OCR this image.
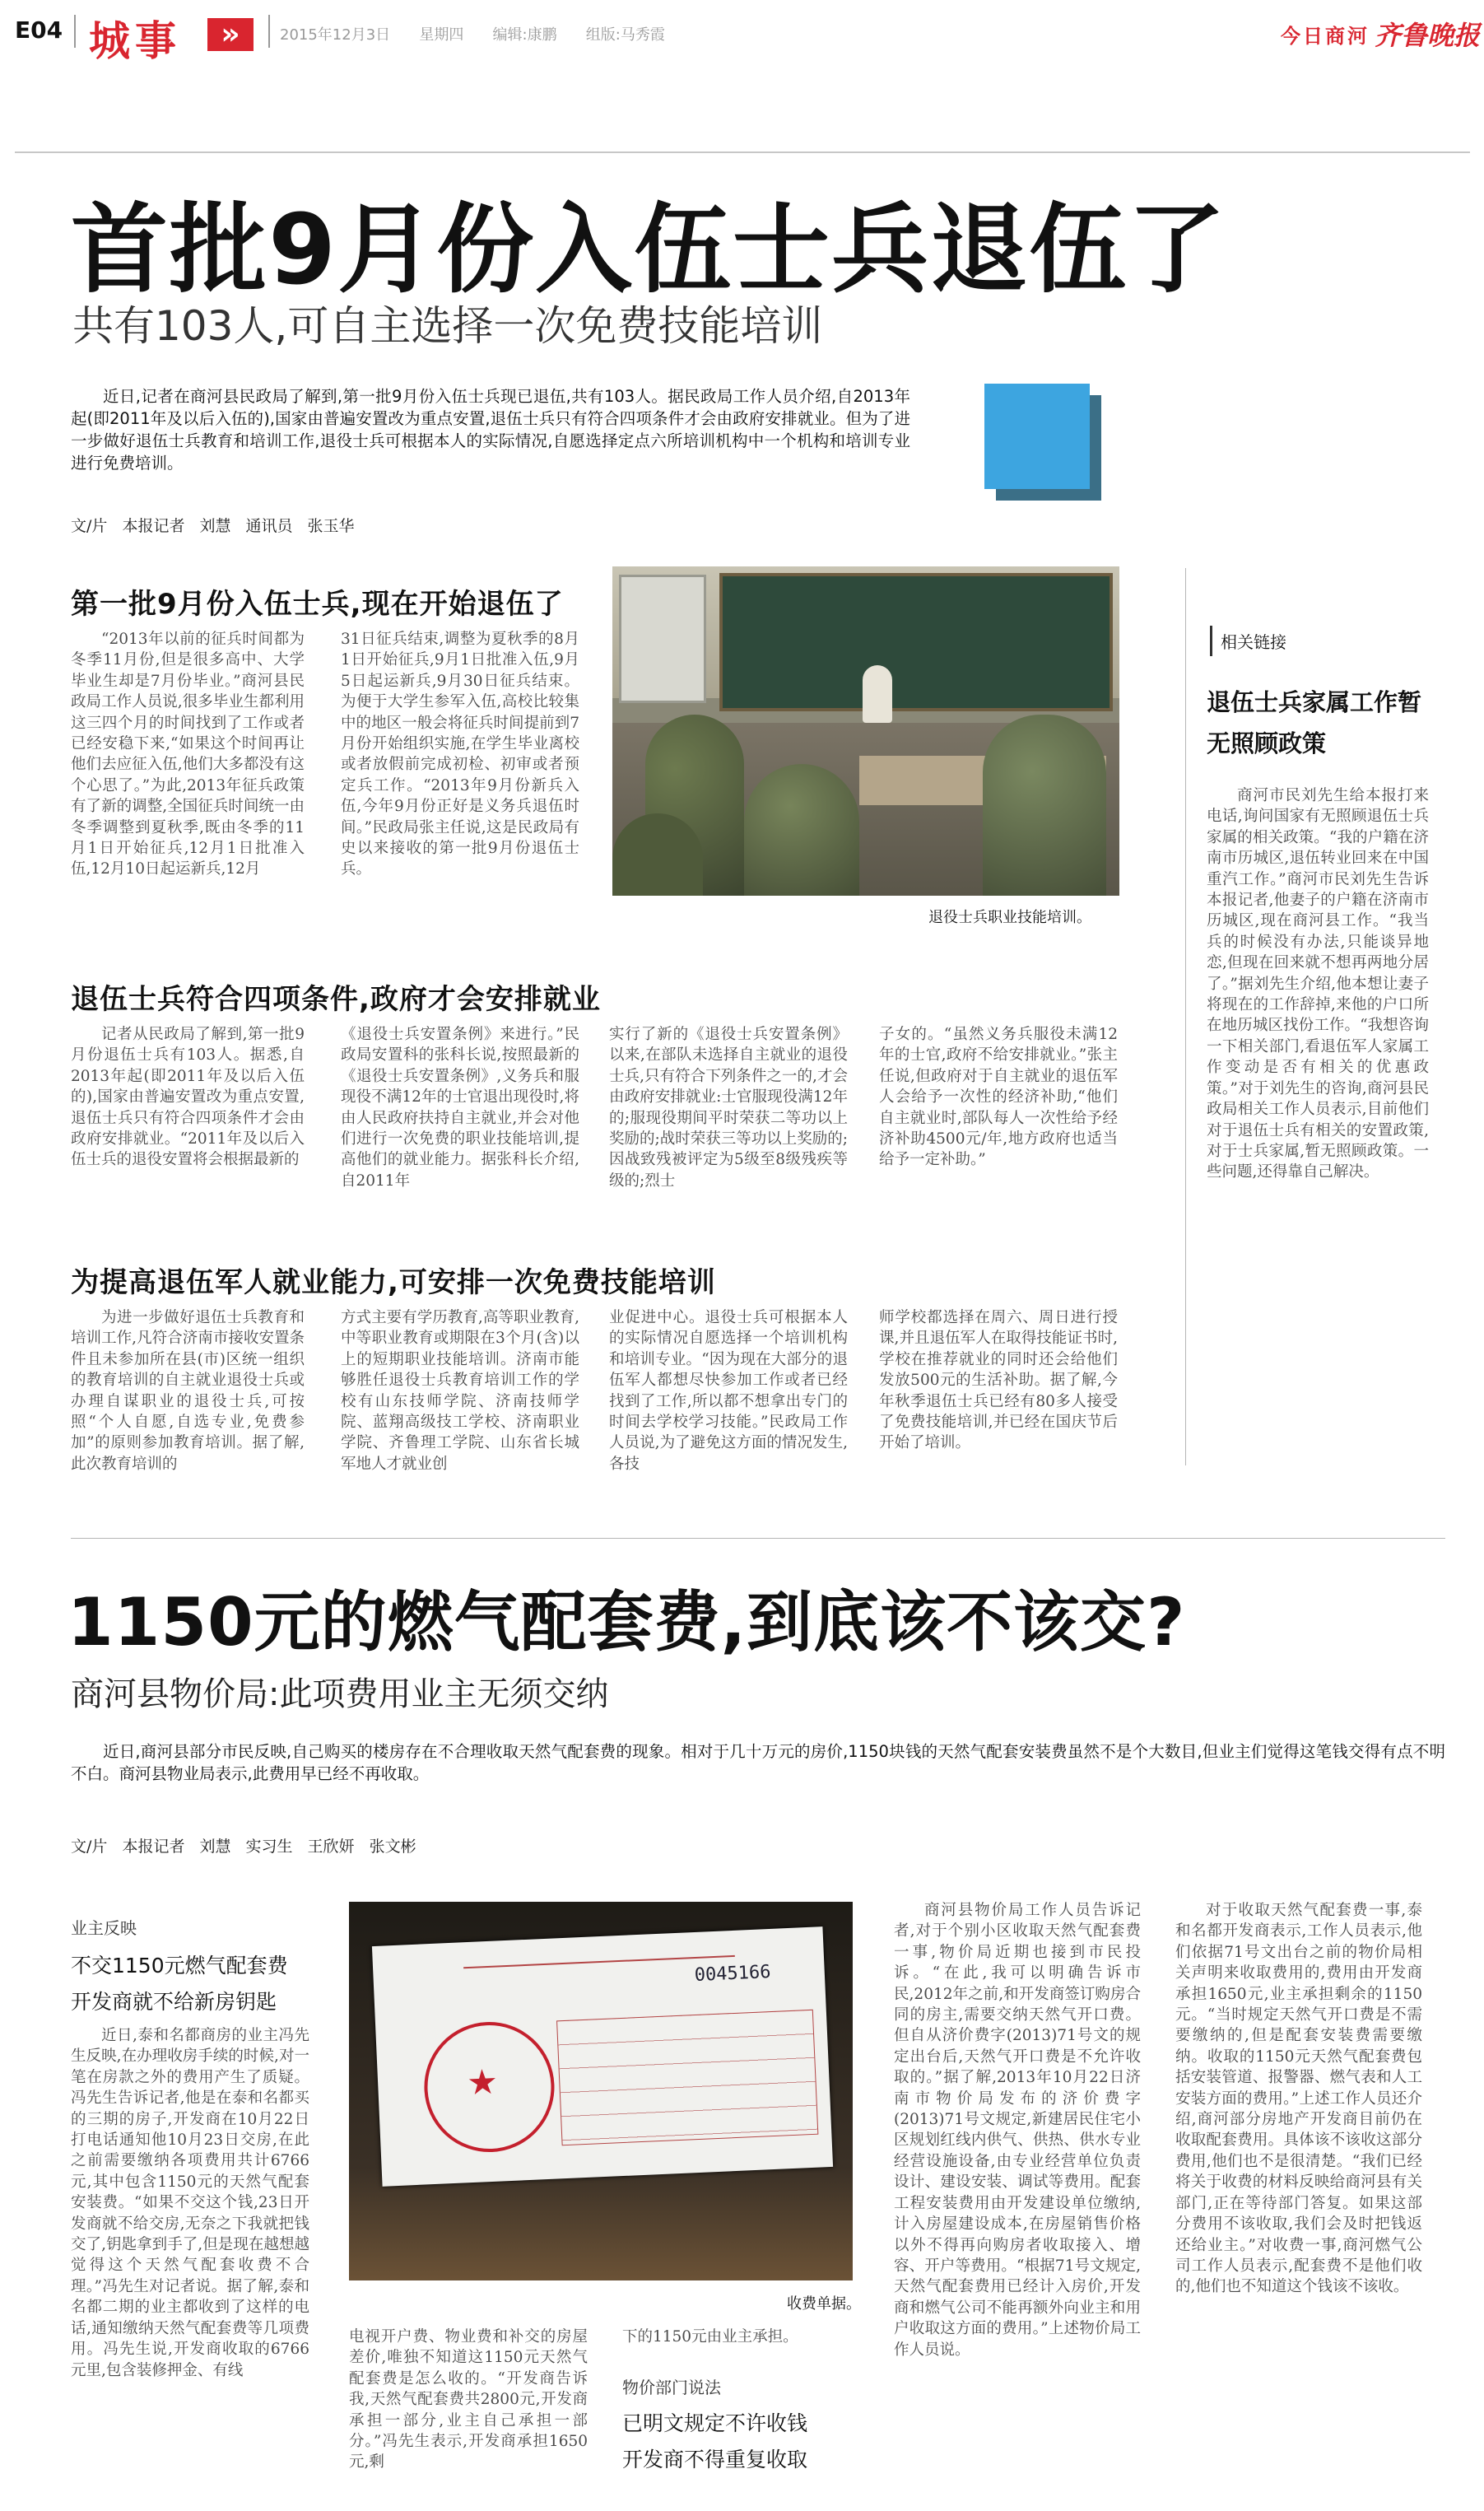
E04 城事	»	2015年12月3日 星期四 编辑:康鹏 组版:马秀霞	今日商河 齐鲁晚报
首批9月份入伍士兵退伍了
共有103人,可自主选择一次免费技能培训

近日,记者在商河县民政局了解到,第一批9月份入伍士兵现已退伍,共有103人。据民政局工作人员介绍,自2013年起(即2011年及以后入伍的),国家由普遍安置改为重点安置,退伍士兵只有符合四项条件才会由政府安排就业。但为了进一步做好退伍士兵教育和培训工作,退役士兵可根据本人的实际情况,自愿选择定点六所培训机构中一个机构和培训专业进行免费培训。

文/片 本报记者 刘慧 通讯员 张玉华
第一批9月份入伍士兵,现在开始退伍了

“2013年以前的征兵时间都为冬季11月份,但是很多高中、大学毕业生却是7月份毕业。”商河县民政局工作人员说,很多毕业生都利用这三四个月的时间找到了工作或者已经安稳下来,“如果这个时间再让他们去应征入伍,他们大多都没有这个心思了。”为此,2013年征兵政策有了新的调整,全国征兵时间统一由冬季调整到夏秋季,既由冬季的11月1日开始征兵,12月1日批准入伍,12月10日起运新兵,12月

31日征兵结束,调整为夏秋季的8月1日开始征兵,9月1日批准入伍,9月5日起运新兵,9月30日征兵结束。为便于大学生参军入伍,高校比较集中的地区一般会将征兵时间提前到7月份开始组织实施,在学生毕业离校或者放假前完成初检、初审或者预定兵工作。“2013年9月份新兵入伍,今年9月份正好是义务兵退伍时间。”民政局张主任说,这是民政局有史以来接收的第一批9月份退伍士兵。

退役士兵职业技能培训。
退伍士兵符合四项条件,政府才会安排就业

记者从民政局了解到,第一批9月份退伍士兵有103人。据悉,自2013年起(即2011年及以后入伍的),国家由普遍安置改为重点安置,退伍士兵只有符合四项条件才会由政府安排就业。“2011年及以后入伍士兵的退役安置将会根据最新的

《退役士兵安置条例》来进行。”民政局安置科的张科长说,按照最新的《退役士兵安置条例》,义务兵和服现役不满12年的士官退出现役时,将由人民政府扶持自主就业,并会对他们进行一次免费的职业技能培训,提高他们的就业能力。据张科长介绍,自2011年

实行了新的《退役士兵安置条例》以来,在部队未选择自主就业的退役士兵,只有符合下列条件之一的,才会由政府安排就业:士官服现役满12年的;服现役期间平时荣获二等功以上奖励的;战时荣获三等功以上奖励的;因战致残被评定为5级至8级残疾等级的;烈士

子女的。“虽然义务兵服役未满12年的士官,政府不给安排就业。”张主任说,但政府对于自主就业的退伍军人会给予一次性的经济补助,“他们自主就业时,部队每人一次性给予经济补助4500元/年,地方政府也适当给予一定补助。”

为提高退伍军人就业能力,可安排一次免费技能培训

为进一步做好退伍士兵教育和培训工作,凡符合济南市接收安置条件且未参加所在县(市)区统一组织的教育培训的自主就业退役士兵或办理自谋职业的退役士兵,可按照“个人自愿,自选专业,免费参加”的原则参加教育培训。据了解,此次教育培训的

方式主要有学历教育,高等职业教育,中等职业教育或期限在3个月(含)以上的短期职业技能培训。济南市能够胜任退役士兵教育培训工作的学校有山东技师学院、济南技师学院、蓝翔高级技工学校、济南职业学院、齐鲁理工学院、山东省长城军地人才就业创

业促进中心。退役士兵可根据本人的实际情况自愿选择一个培训机构和培训专业。“因为现在大部分的退伍军人都想尽快参加工作或者已经找到了工作,所以都不想拿出专门的时间去学校学习技能。”民政局工作人员说,为了避免这方面的情况发生,各技

师学校都选择在周六、周日进行授课,并且退伍军人在取得技能证书时,学校在推荐就业的同时还会给他们发放500元的生活补助。据了解,今年秋季退伍士兵已经有80多人接受了免费技能培训,并已经在国庆节后开始了培训。

相关链接
退伍士兵家属工作暂无照顾政策

商河市民刘先生给本报打来电话,询问国家有无照顾退伍士兵家属的相关政策。“我的户籍在济南市历城区,退伍转业回来在中国重汽工作。”商河市民刘先生告诉本报记者,他妻子的户籍在济南市历城区,现在商河县工作。“我当兵的时候没有办法,只能谈异地恋,但现在回来就不想再两地分居了。”据刘先生介绍,他本想让妻子将现在的工作辞掉,来他的户口所在地历城区找份工作。“我想咨询一下相关部门,看退伍军人家属工作变动是否有相关的优惠政策。”对于刘先生的咨询,商河县民政局相关工作人员表示,目前他们对于退伍士兵有相关的安置政策,对于士兵家属,暂无照顾政策。一些问题,还得靠自己解决。

1150元的燃气配套费,到底该不该交?
商河县物价局:此项费用业主无须交纳

近日,商河县部分市民反映,自己购买的楼房存在不合理收取天然气配套费的现象。相对于几十万元的房价,1150块钱的天然气配套安装费虽然不是个大数目,但业主们觉得这笔钱交得有点不明不白。商河县物业局表示,此费用早已经不再收取。

文/片 本报记者 刘慧 实习生 王欣妍 张文彬
业主反映
不交1150元燃气配套费
开发商就不给新房钥匙

近日,泰和名都商房的业主冯先生反映,在办理收房手续的时候,对一笔在房款之外的费用产生了质疑。冯先生告诉记者,他是在泰和名都买的三期的房子,开发商在10月22日打电话通知他10月23日交房,在此之前需要缴纳各项费用共计6766元,其中包含1150元的天然气配套安装费。“如果不交这个钱,23日开发商就不给交房,无奈之下我就把钱交了,钥匙拿到手了,但是现在越想越觉得这个天然气配套收费不合理。”冯先生对记者说。据了解,泰和名都二期的业主都收到了这样的电话,通知缴纳天然气配套费等几项费用。冯先生说,开发商收取的6766元里,包含装修押金、有线

0045166
★
收费单据。

电视开户费、物业费和补交的房屋差价,唯独不知道这1150元天然气配套费是怎么收的。“开发商告诉我,天然气配套费共2800元,开发商承担一部分,业主自己承担一部分。”冯先生表示,开发商承担1650元,剩

下的1150元由业主承担。

物价部门说法
已明文规定不许收钱
开发商不得重复收取

商河县物价局工作人员告诉记者,对于个别小区收取天然气配套费一事,物价局近期也接到市民投诉。“在此,我可以明确告诉市民,2012年之前,和开发商签订购房合同的房主,需要交纳天然气开口费。但自从济价费字(2013)71号文的规定出台后,天然气开口费是不允许收取的。”据了解,2013年10月22日济南市物价局发布的济价费字(2013)71号文规定,新建居民住宅小区规划红线内供气、供热、供水专业经营设施设备,由专业经营单位负责设计、建设安装、调试等费用。配套工程安装费用由开发建设单位缴纳,计入房屋建设成本,在房屋销售价格以外不得再向购房者收取接入、增容、开户等费用。“根据71号文规定,天然气配套费用已经计入房价,开发商和燃气公司不能再额外向业主和用户收取这方面的费用。”上述物价局工作人员说。

对于收取天然气配套费一事,泰和名都开发商表示,工作人员表示,他们依据71号文出台之前的物价局相关声明来收取费用的,费用由开发商承担1650元,业主承担剩余的1150元。“当时规定天然气开口费是不需要缴纳的,但是配套安装费需要缴纳。收取的1150元天然气配套费包括安装管道、报警器、燃气表和人工安装方面的费用。”上述工作人员还介绍,商河部分房地产开发商目前仍在收取配套费用。具体该不该收这部分费用,他们也不是很清楚。“我们已经将关于收费的材料反映给商河县有关部门,正在等待部门答复。如果这部分费用不该收取,我们会及时把钱返还给业主。”对收费一事,商河燃气公司工作人员表示,配套费不是他们收的,他们也不知道这个钱该不该收。
